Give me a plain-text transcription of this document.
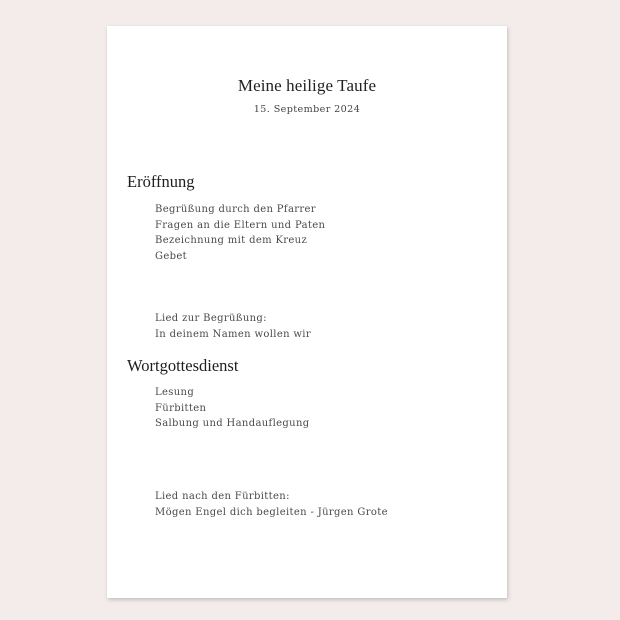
Meine heilige Taufe
15. September 2024
Eröffnung
Begrüßung durch den Pfarrer
Fragen an die Eltern und Paten
Bezeichnung mit dem Kreuz
Gebet
Lied zur Begrüßung:
In deinem Namen wollen wir
Wortgottesdienst
Lesung
Fürbitten
Salbung und Handauflegung
Lied nach den Fürbitten:
Mögen Engel dich begleiten - Jürgen Grote
